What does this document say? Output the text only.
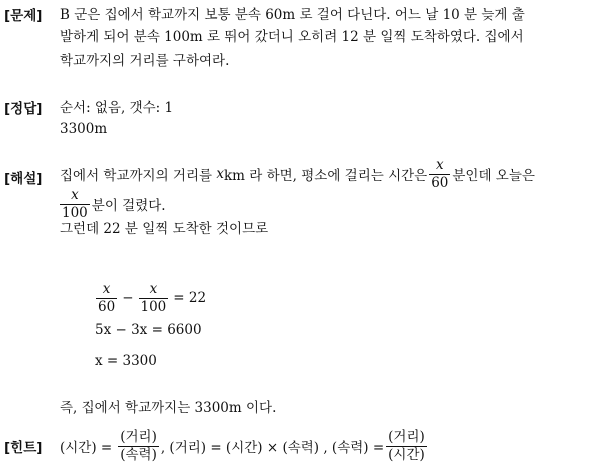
[문제] B 군은 집에서 학교까지 보통 분속 60m 로 걸어 다닌다. 어느 날 10 분 늦게 출
발하게 되어 분속 100m 로 뛰어 갔더니 오히려 12 분 일찍 도착하였다. 집에서
학교까지의 거리를 구하여라.
[정답] 순서: 없음, 갯수: 1
3300m
[해설] 집에서 학교까지의 거리를
x km 라 하면, 평소에 걸리는 시간은 $\frac{x}{60}$ 분인데 오늘은
$\frac{x}{100}$ 분이 걸렸다.
그런데 22 분 일찍 도착한 것이므로
$\frac{x}{60} - \frac{x}{100} = 22$
5x − 3x = 6600
x = 3300
즉, 집에서 학교까지는 3300m 이다.
[힌트] (시간) = $\frac{\text{(거리)}}{\text{(속력)}}$ , (거리) = (시간) × (속력) , (속력) = $\frac{\text{(거리)}}{\text{(시간)}}$
